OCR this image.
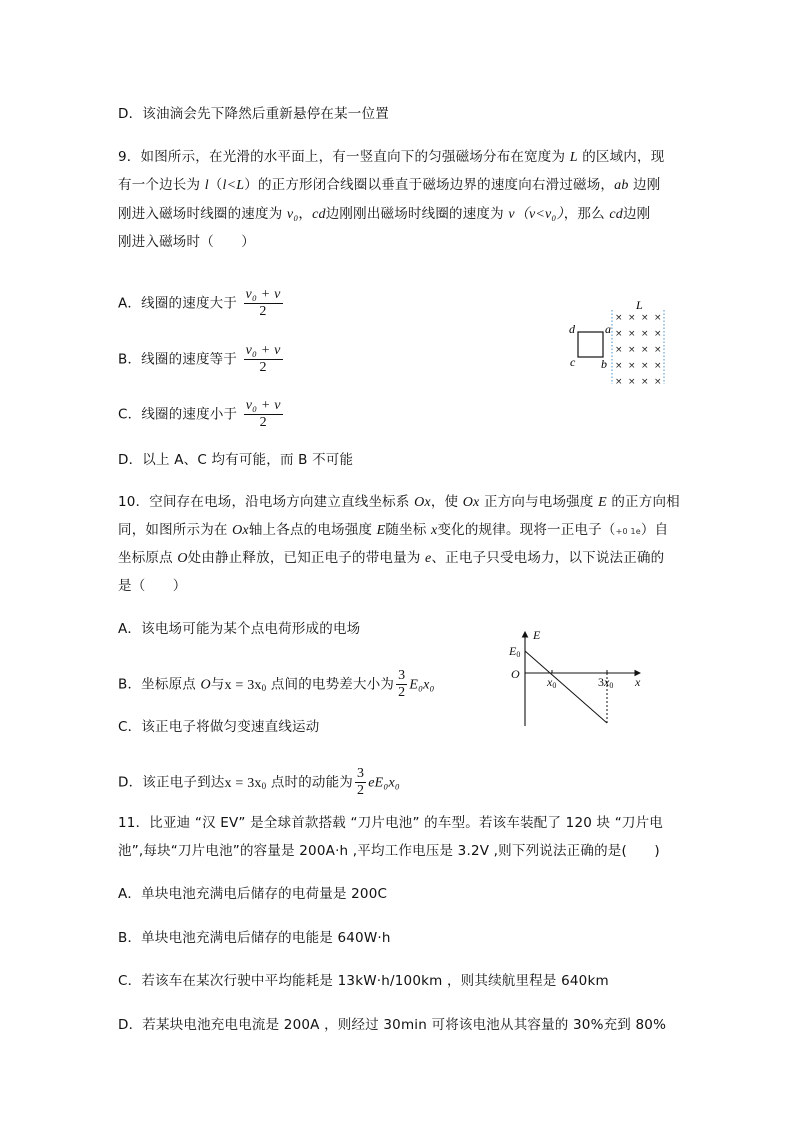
D．该油滴会先下降然后重新悬停在某一位置
9．如图所示，在光滑的水平面上，有一竖直向下的匀强磁场分布在宽度为 L 的区域内，现
有一个边长为 l（l<L）的正方形闭合线圈以垂直于磁场边界的速度向右滑过磁场，ab 边刚
刚进入磁场时线圈的速度为 v₀，cd边刚刚出磁场时线圈的速度为 v（v<v₀），那么 cd边刚
刚进入磁场时（　　）
A．线圈的速度大于 $\frac{\text{v₀ + v}}{2}$
B．线圈的速度等于 $\frac{\text{v₀ + v}}{2}$
C．线圈的速度小于 $\frac{\text{v₀ + v}}{2}$
D．以上 A、C 均有可能，而 B 不可能
d	a
c b
L
× × × ×
× × × ×
× × × ×
× × × ×
× × × ×
10．空间存在电场，沿电场方向建立直线坐标系 Ox，使 Ox 正方向与电场强度 E 的正方向相
同，如图所示为在 Ox轴上各点的电场强度 E随坐标 x变化的规律。现将一正电子（+0 1e）自
坐标原点 O处由静止释放，已知正电子的带电量为 e、正电子只受电场力，以下说法正确的
是（　　）
A．该电场可能为某个点电荷形成的电场
B．坐标原点 O与$x = 3x_0$ 点间的电势差大小为 $\frac{3}{2} E_0x_0$
C．该正电子将做匀变速直线运动
D．该正电子到达$x = 3x_0$ 点时的动能为 $\frac{3}{2} eE_0x_0$
E
E0
O
x0	3x0 x
11．比亚迪 “汉 EV” 是全球首款搭载 “刀片电池” 的车型。若该车装配了 120 块 “刀片电
池”,每块“刀片电池”的容量是 200A·h ,平均工作电压是 3.2V ,则下列说法正确的是(　　)
A．单块电池充满电后储存的电荷量是 200C
B．单块电池充满电后储存的电能是 640W·h
C．若该车在某次行驶中平均能耗是 13kW·h/100km ，则其续航里程是 640km
D．若某块电池充电电流是 200A ，则经过 30min 可将该电池从其容量的 30%充到 80%
